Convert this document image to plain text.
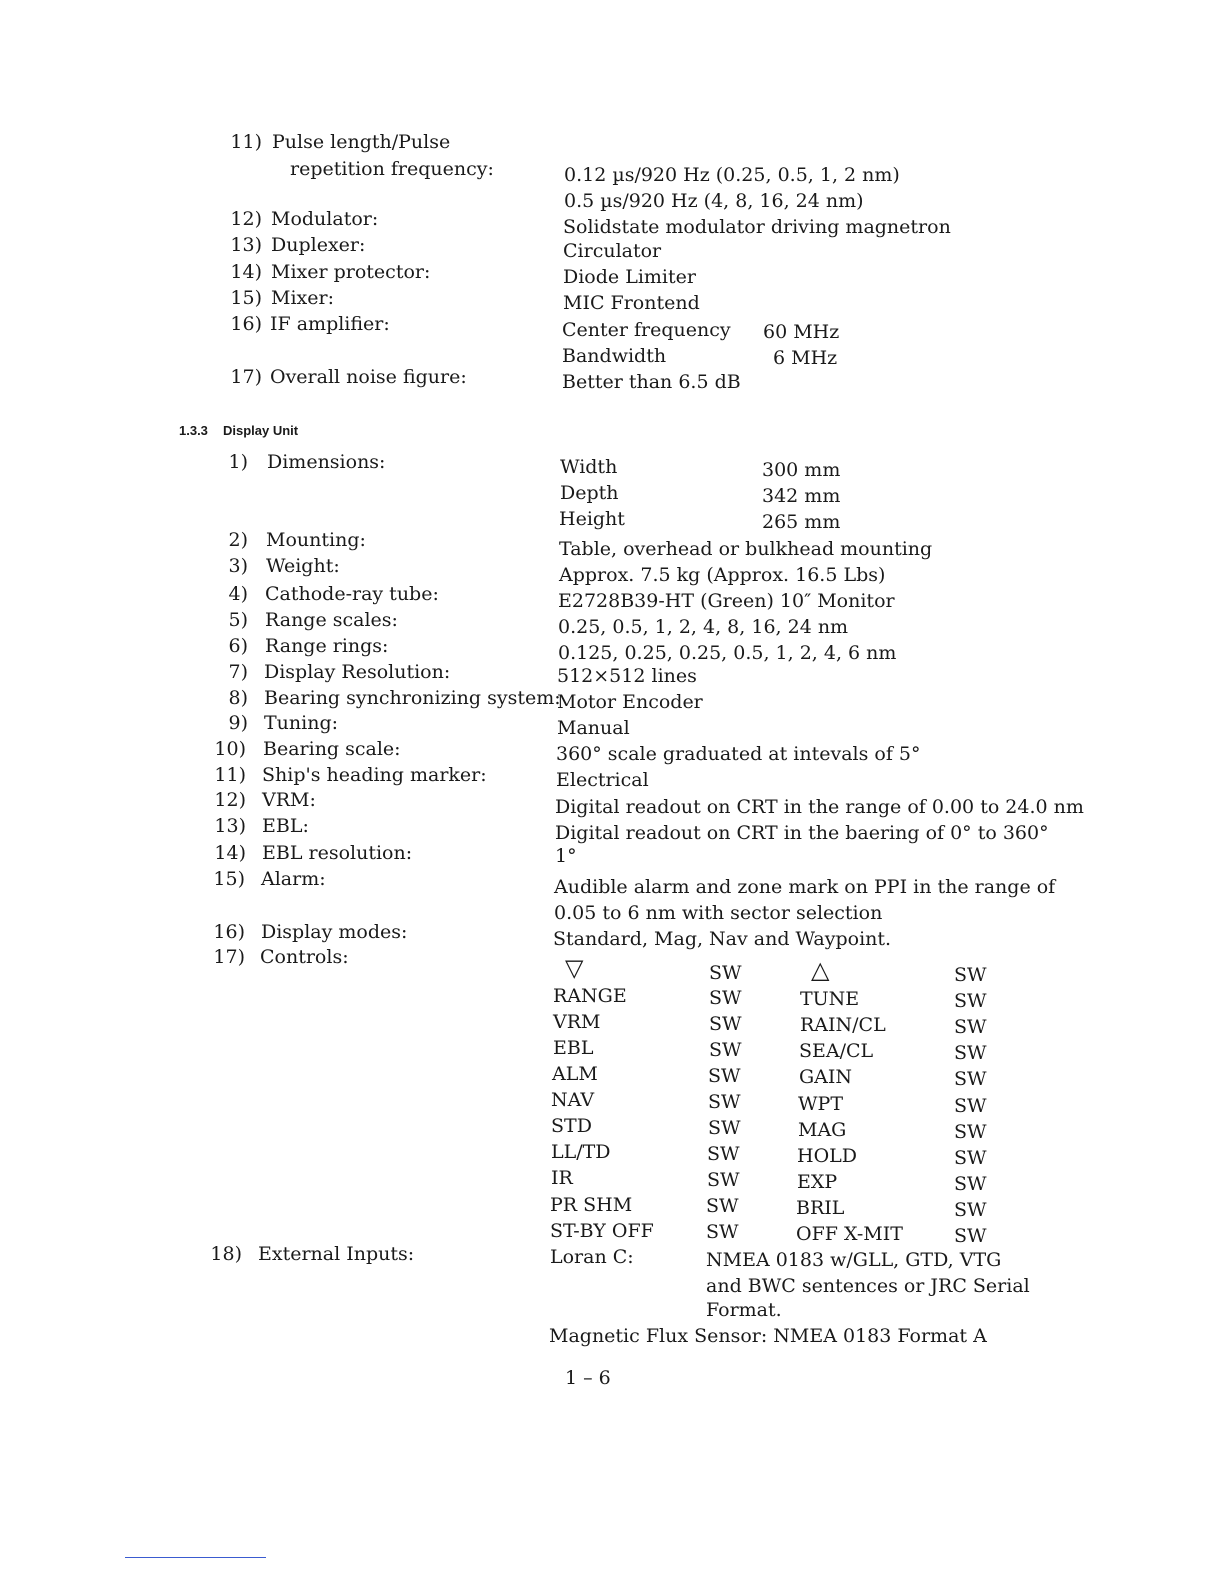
11) Pulse length/Pulse
repetition frequency:	0.12 µs/920 Hz (0.25, 0.5, 1, 2 nm)
0.5 µs/920 Hz (4, 8, 16, 24 nm)
12) Modulator:	Solidstate modulator driving magnetron
13) Duplexer:	Circulator
14) Mixer protector:	Diode Limiter
15) Mixer:	MIC Frontend
16) IF amplifier:	Center frequency 60 MHz
Bandwidth	6 MHz
17) Overall noise figure:	Better than 6.5 dB
1.3.3 Display Unit
1) Dimensions:	Width	300 mm
Depth	342 mm
Height	265 mm
2) Mounting:	Table, overhead or bulkhead mounting
3) Weight:	Approx. 7.5 kg (Approx. 16.5 Lbs)
4) Cathode-ray tube:	E2728B39-HT (Green) 10″ Monitor
5) Range scales:	0.25, 0.5, 1, 2, 4, 8, 16, 24 nm
6) Range rings:	0.125, 0.25, 0.25, 0.5, 1, 2, 4, 6 nm
7) Display Resolution:	512×512 lines
8) Bearing synchronizing system:
Motor Encoder
9) Tuning:	Manual
10) Bearing scale:	360° scale graduated at intevals of 5°
11) Ship's heading marker:	Electrical
12) VRM:	Digital readout on CRT in the range of 0.00 to 24.0 nm
13) EBL:	Digital readout on CRT in the baering of 0° to 360°
14) EBL resolution:	1°
15) Alarm:	Audible alarm and zone mark on PPI in the range of
0.05 to 6 nm with sector selection
16) Display modes:	Standard, Mag, Nav and Waypoint.
17) Controls:	▽	SW	△	SW
RANGE	SW	TUNE	SW
VRM	SW	RAIN/CL	SW
EBL	SW	SEA/CL	SW
ALM	SW	GAIN	SW
NAV	SW	WPT	SW
STD	SW	MAG	SW
LL/TD	SW	HOLD	SW
IR	SW	EXP	SW
PR SHM	SW	BRIL	SW
ST-BY OFF	SW	OFF X-MIT	SW
18) External Inputs:	Loran C:	NMEA 0183 w/GLL, GTD, VTG
and BWC sentences or JRC Serial
Format.
Magnetic Flux Sensor: NMEA 0183 Format A
1 – 6
